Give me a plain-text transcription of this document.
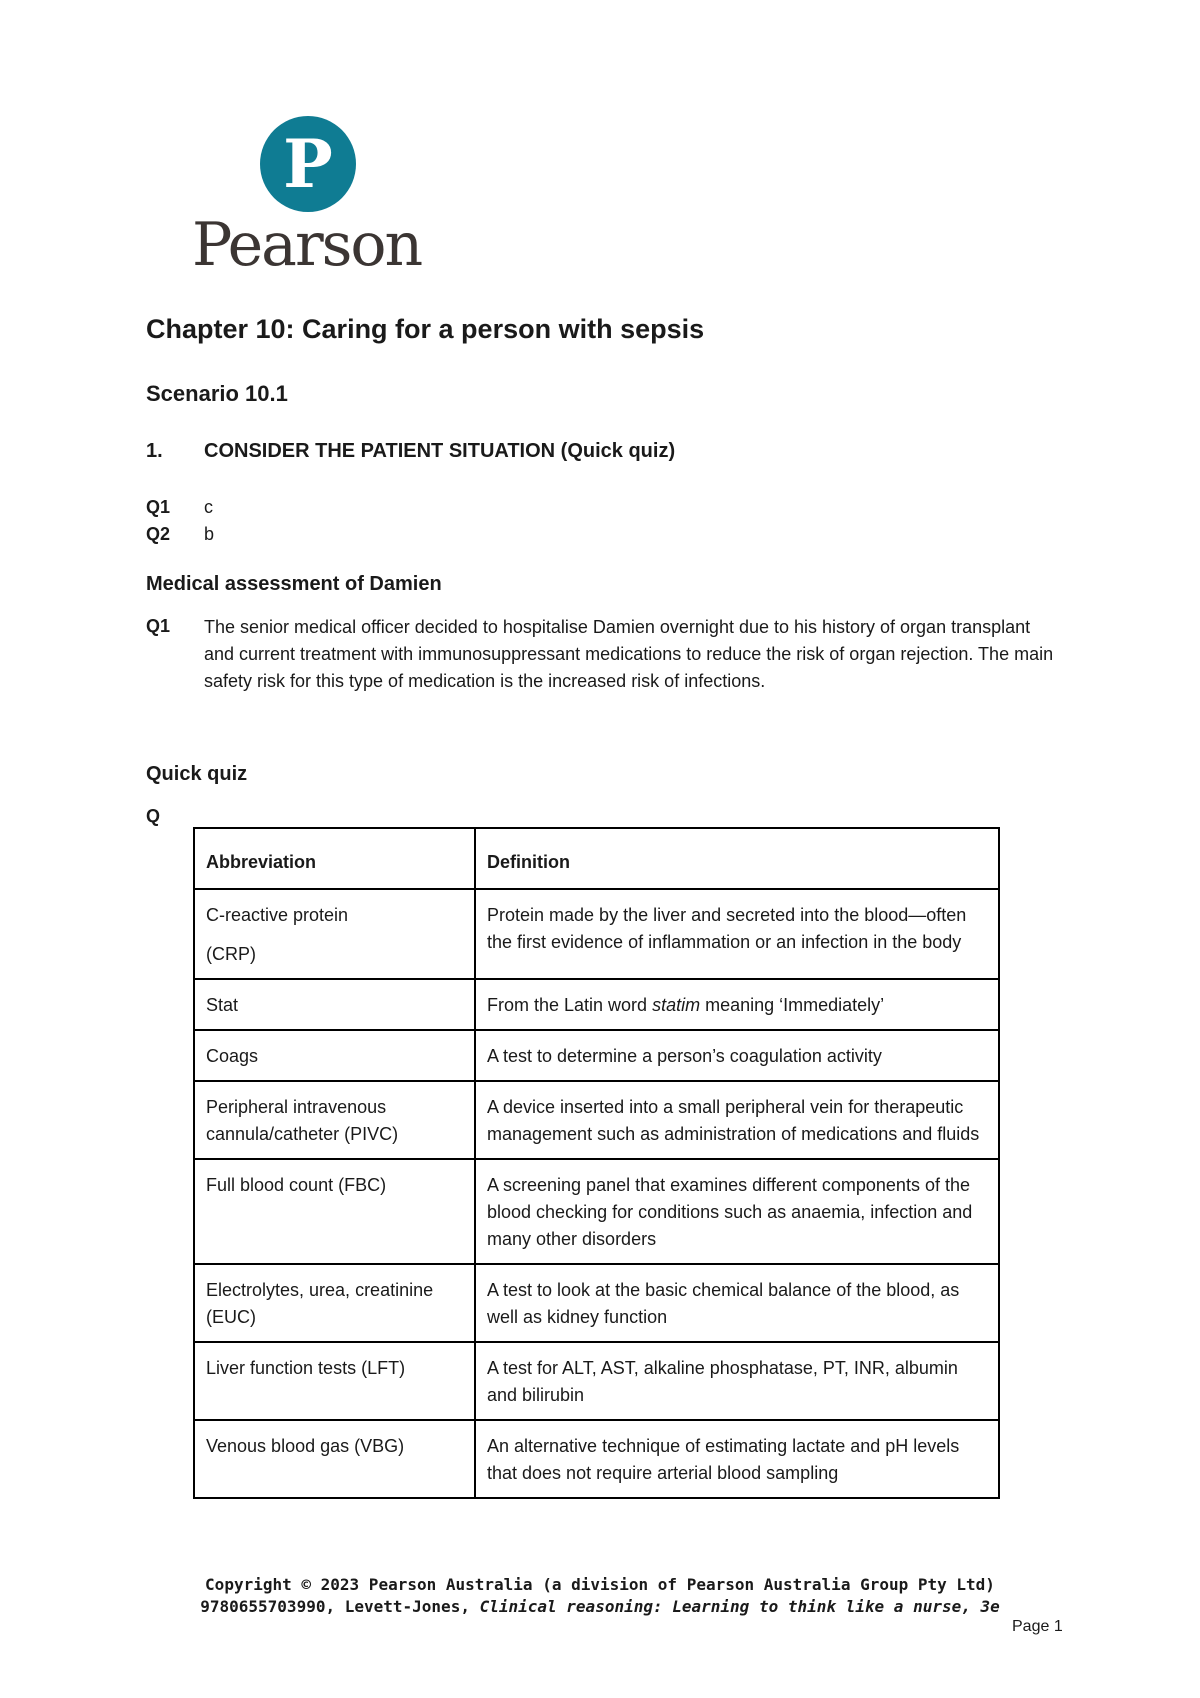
P
Pearson
Chapter 10: Caring for a person with sepsis
Scenario 10.1
1. CONSIDER THE PATIENT SITUATION (Quick quiz)
Q1 c
Q2 b
Medical assessment of Damien
Q1 The senior medical officer decided to hospitalise Damien overnight due to his history of organ transplant and current treatment with immunosuppressant medications to reduce the risk of organ rejection. The main safety risk for this type of medication is the increased risk of infections.

Quick quiz
Q
Abbreviation	Definition

C-reactive protein
(CRP)	Protein made by the liver and secreted into the blood—often the first evidence of inflammation or an infection in the body
Stat	From the Latin word statim meaning ‘Immediately’
Coags	A test to determine a person’s coagulation activity
Peripheral intravenous cannula/catheter (PIVC)	A device inserted into a small peripheral vein for therapeutic management such as administration of medications and fluids
Full blood count (FBC)	A screening panel that examines different components of the blood checking for conditions such as anaemia, infection and many other disorders
Electrolytes, urea, creatinine (EUC)	A test to look at the basic chemical balance of the blood, as well as kidney function
Liver function tests (LFT)	A test for ALT, AST, alkaline phosphatase, PT, INR, albumin and bilirubin
Venous blood gas (VBG)	An alternative technique of estimating lactate and pH levels that does not require arterial blood sampling
Copyright © 2023 Pearson Australia (a division of Pearson Australia Group Pty Ltd)
9780655703990, Levett-Jones, Clinical reasoning: Learning to think like a nurse, 3e
Page 1
